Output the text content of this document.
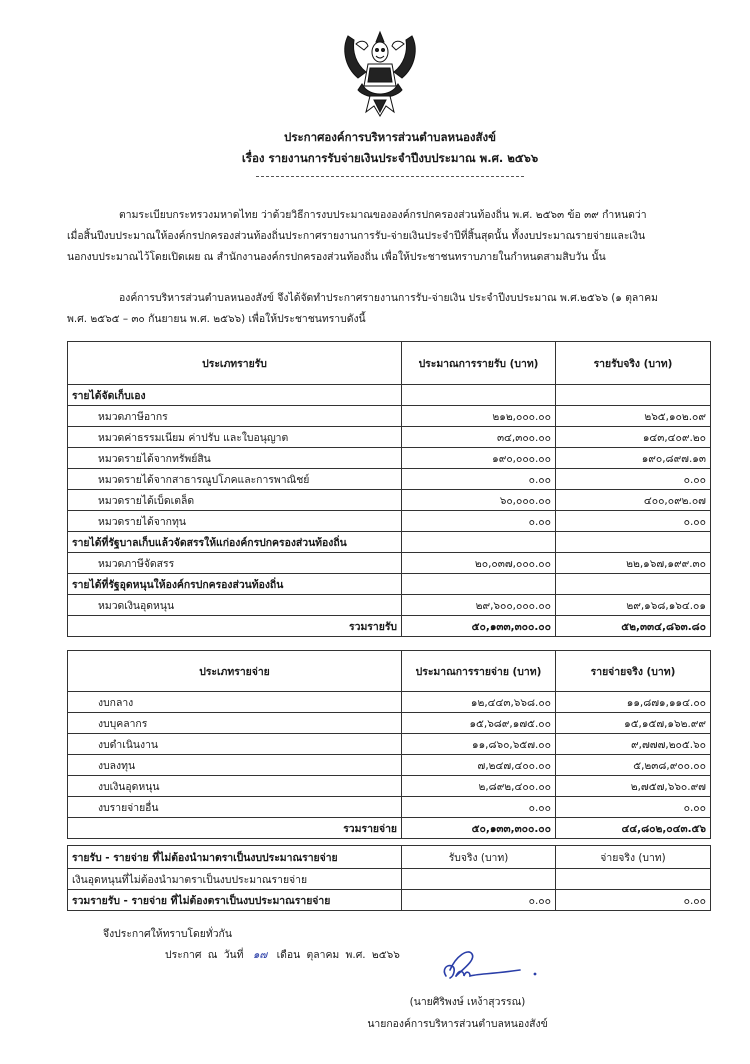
ประกาศองค์การบริหารส่วนตำบลหนองสังข์
เรื่อง รายงานการรับจ่ายเงินประจำปีงบประมาณ พ.ศ. ๒๕๖๖
ตามระเบียบกระทรวงมหาดไทย ว่าด้วยวิธีการงบประมาณขององค์กรปกครองส่วนท้องถิ่น พ.ศ. ๒๕๖๓ ข้อ ๓๙ กำหนดว่า
เมื่อสิ้นปีงบประมาณให้องค์กรปกครองส่วนท้องถิ่นประกาศรายงานการรับ-จ่ายเงินประจำปีที่สิ้นสุดนั้น ทั้งงบประมาณรายจ่ายและเงิน
นอกงบประมาณไว้โดยเปิดเผย ณ สำนักงานองค์กรปกครองส่วนท้องถิ่น เพื่อให้ประชาชนทราบภายในกำหนดสามสิบวัน นั้น
องค์การบริหารส่วนตำบลหนองสังข์ จึงได้จัดทำประกาศรายงานการรับ-จ่ายเงิน ประจำปีงบประมาณ พ.ศ.๒๕๖๖ (๑ ตุลาคม
พ.ศ. ๒๕๖๕ – ๓๐ กันยายน พ.ศ. ๒๕๖๖) เพื่อให้ประชาชนทราบดังนี้
ประเภทรายรับ	ประมาณการรายรับ (บาท)	รายรับจริง (บาท)
รายได้จัดเก็บเอง		
หมวดภาษีอากร	๒๑๒,๐๐๐.๐๐	๒๖๕,๑๐๒.๐๙
หมวดค่าธรรมเนียม ค่าปรับ และใบอนุญาต	๓๔,๓๐๐.๐๐	๑๔๓,๔๐๙.๒๐
หมวดรายได้จากทรัพย์สิน	๑๙๐,๐๐๐.๐๐	๑๙๐,๘๙๗.๑๓
หมวดรายได้จากสาธารณูปโภคและการพาณิชย์	๐.๐๐	๐.๐๐
หมวดรายได้เบ็ดเตล็ด	๖๐,๐๐๐.๐๐	๔๐๐,๐๙๒.๐๗
หมวดรายได้จากทุน	๐.๐๐	๐.๐๐
รายได้ที่รัฐบาลเก็บแล้วจัดสรรให้แก่องค์กรปกครองส่วนท้องถิ่น		
หมวดภาษีจัดสรร	๒๐,๐๓๗,๐๐๐.๐๐	๒๒,๑๖๗,๑๙๙.๓๐
รายได้ที่รัฐอุดหนุนให้องค์กรปกครองส่วนท้องถิ่น		
หมวดเงินอุดหนุน	๒๙,๖๐๐,๐๐๐.๐๐	๒๙,๑๖๘,๑๖๔.๐๑
รวมรายรับ	๕๐,๑๓๓,๓๐๐.๐๐	๕๒,๓๓๔,๘๖๓.๘๐
ประเภทรายจ่าย	ประมาณการรายจ่าย (บาท)	รายจ่ายจริง (บาท)
งบกลาง	๑๒,๔๔๓,๖๖๘.๐๐	๑๑,๘๗๑,๑๑๔.๐๐
งบบุคลากร	๑๕,๖๘๙,๑๗๕.๐๐	๑๕,๑๕๗,๑๖๒.๙๙
งบดำเนินงาน	๑๑,๘๖๐,๖๕๗.๐๐	๙,๗๗๗,๒๐๕.๖๐
งบลงทุน	๗,๒๔๗,๔๐๐.๐๐	๕,๒๓๘,๙๐๐.๐๐
งบเงินอุดหนุน	๒,๘๙๒,๔๐๐.๐๐	๒,๗๕๗,๖๖๐.๙๗
งบรายจ่ายอื่น	๐.๐๐	๐.๐๐
รวมรายจ่าย	๕๐,๑๓๓,๓๐๐.๐๐	๔๔,๘๐๒,๐๔๓.๕๖
รายรับ - รายจ่าย ที่ไม่ต้องนำมาตราเป็นงบประมาณรายจ่าย	รับจริง (บาท)	จ่ายจริง (บาท)
เงินอุดหนุนที่ไม่ต้องนำมาตราเป็นงบประมาณรายจ่าย		
รวมรายรับ - รายจ่าย ที่ไม่ต้องตราเป็นงบประมาณรายจ่าย	๐.๐๐	๐.๐๐
จึงประกาศให้ทราบโดยทั่วกัน
ประกาศ ณ วันที่ ๑๗ เดือน ตุลาคม พ.ศ. ๒๕๖๖
(นายศิริพงษ์ เหง้าสุวรรณ)
นายกองค์การบริหารส่วนตำบลหนองสังข์
